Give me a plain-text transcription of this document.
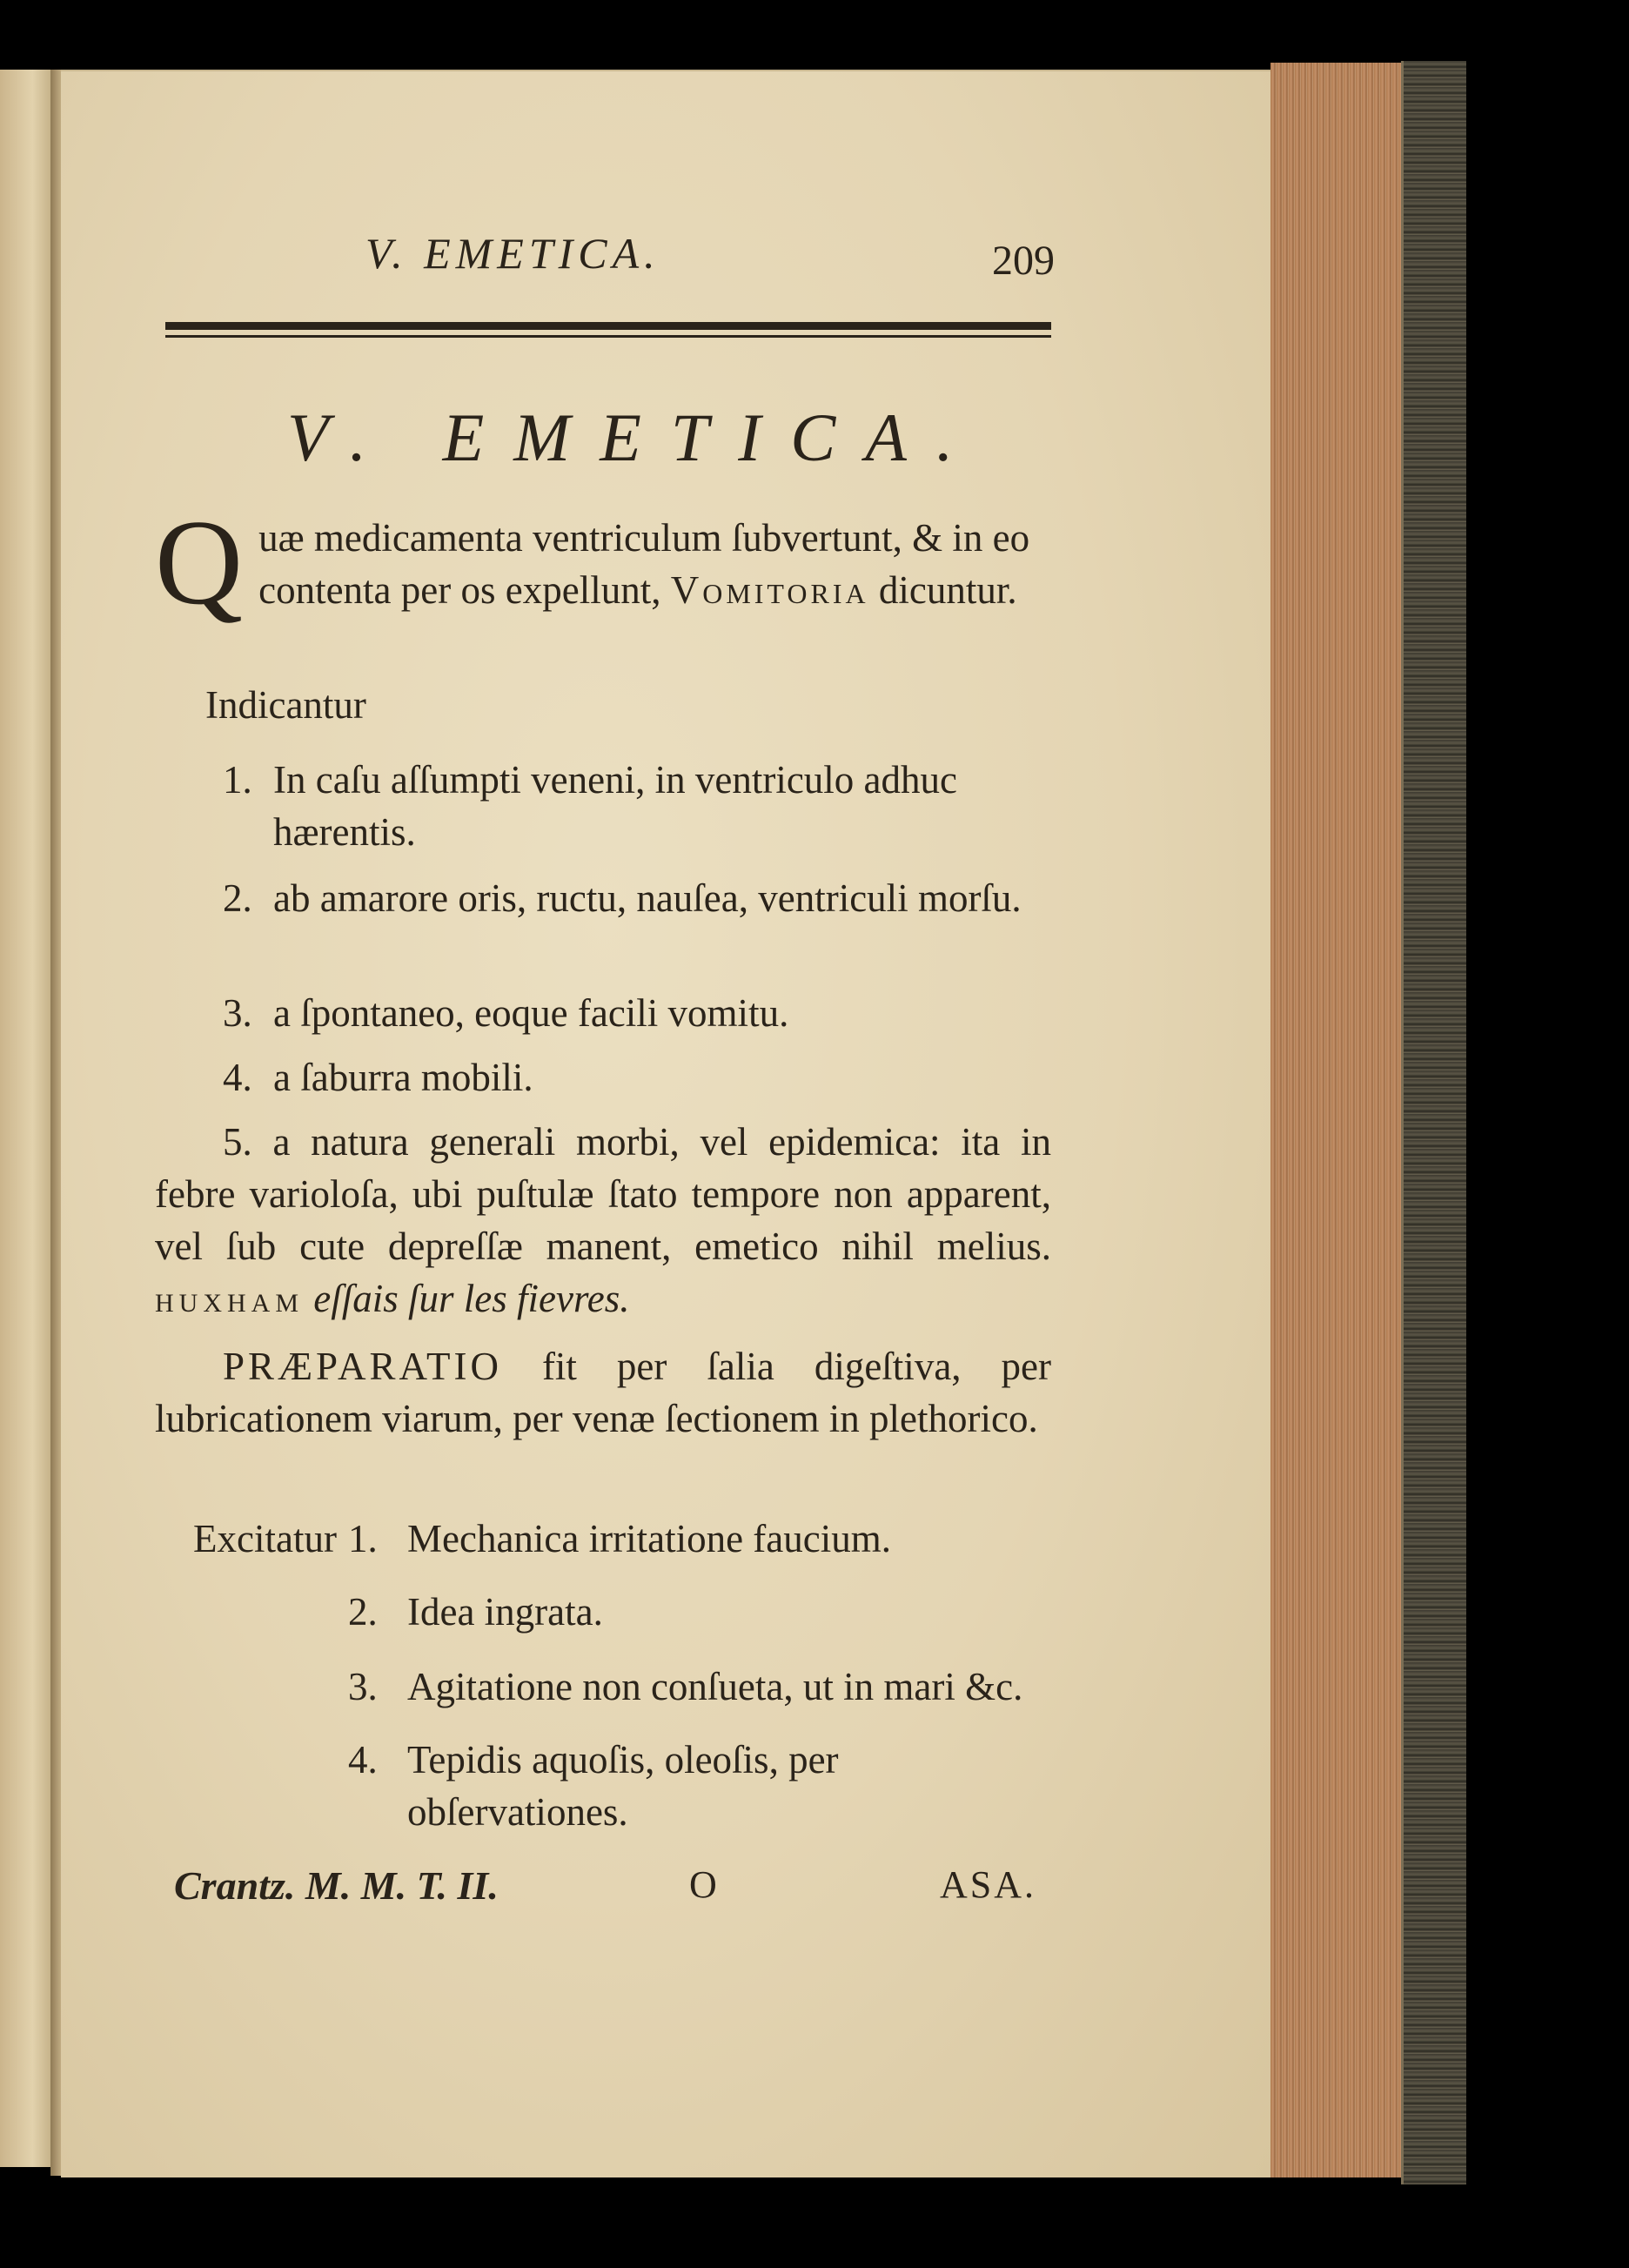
V. EMETICA.	209
V. EMETICA.
Quæ medicamenta ventriculum ſubvertunt, & in eo contenta per os expellunt, Vomitoria dicuntur.
Indicantur
1. In caſu aſſumpti veneni, in ventriculo adhuc hærentis.
2. ab amarore oris, ructu, nauſea, ventriculi morſu.
3. a ſpontaneo, eoque facili vomitu.
4. a ſaburra mobili.
5. a natura generali morbi, vel epidemica: ita in febre varioloſa, ubi puſtulæ ſtato tempore non apparent, vel ſub cute depreſſæ manent, emetico nihil melius. HUXHAM eſſais ſur les fievres.
PRÆPARATIO fit per ſalia digeſtiva, per lubricationem viarum, per venæ ſectionem in plethorico.
Excitatur 1. Mechanica irritatione faucium.
2. Idea ingrata.
3. Agitatione non conſueta, ut in mari &c.
4. Tepidis aquoſis, oleoſis, per obſervationes.
Crantz. M. M. T. II.	O	ASA.
